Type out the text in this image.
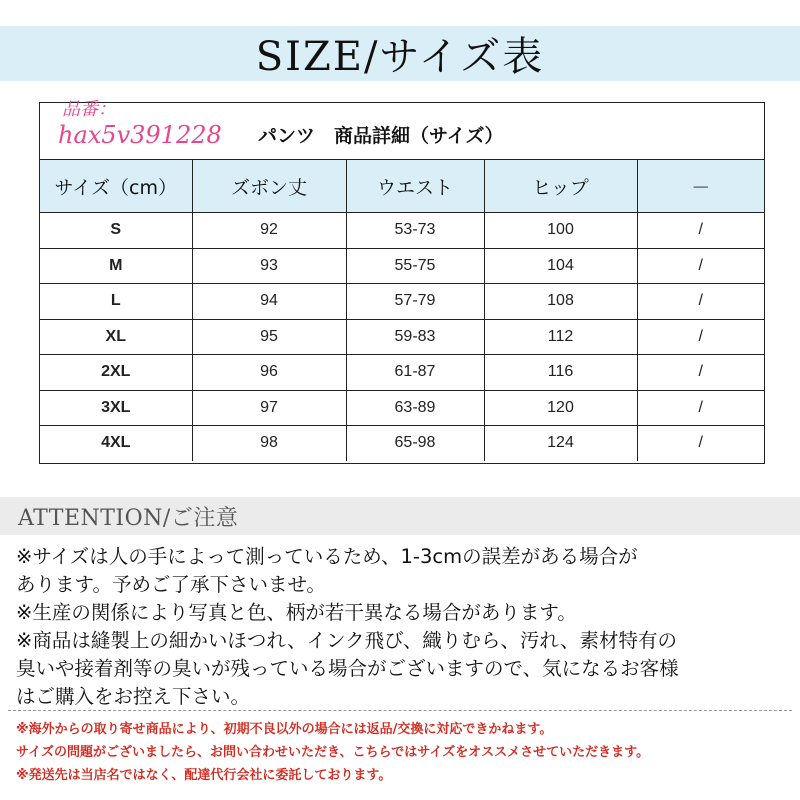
SIZE/サイズ表
品番：
hax5v391228 パンツ　商品詳細（サイズ）
サイズ（cm）	ズボン丈	ウエスト	ヒップ	－
S	92	53-73	100	/
M	93	55-75	104	/
L	94	57-79	108	/
XL	95	59-83	112	/
2XL	96	61-87	116	/
3XL	97	63-89	120	/
4XL	98	65-98	124	/
ATTENTION/ご注意

※サイズは人の手によって測っているため、1-3cmの誤差がある場合が

あります。予めご了承下さいませ。

※生産の関係により写真と色、柄が若干異なる場合があります。

※商品は縫製上の細かいほつれ、インク飛び、織りむら、汚れ、素材特有の

臭いや接着剤等の臭いが残っている場合がございますので、気になるお客様

はご購入をお控え下さい。

※海外からの取り寄せ商品により、初期不良以外の場合には返品/交換に対応できかねます。

サイズの問題がございましたら、お問い合わせいただき、こちらではサイズをオススメさせていただきます。

※発送先は当店名ではなく、配達代行会社に委託しております。
